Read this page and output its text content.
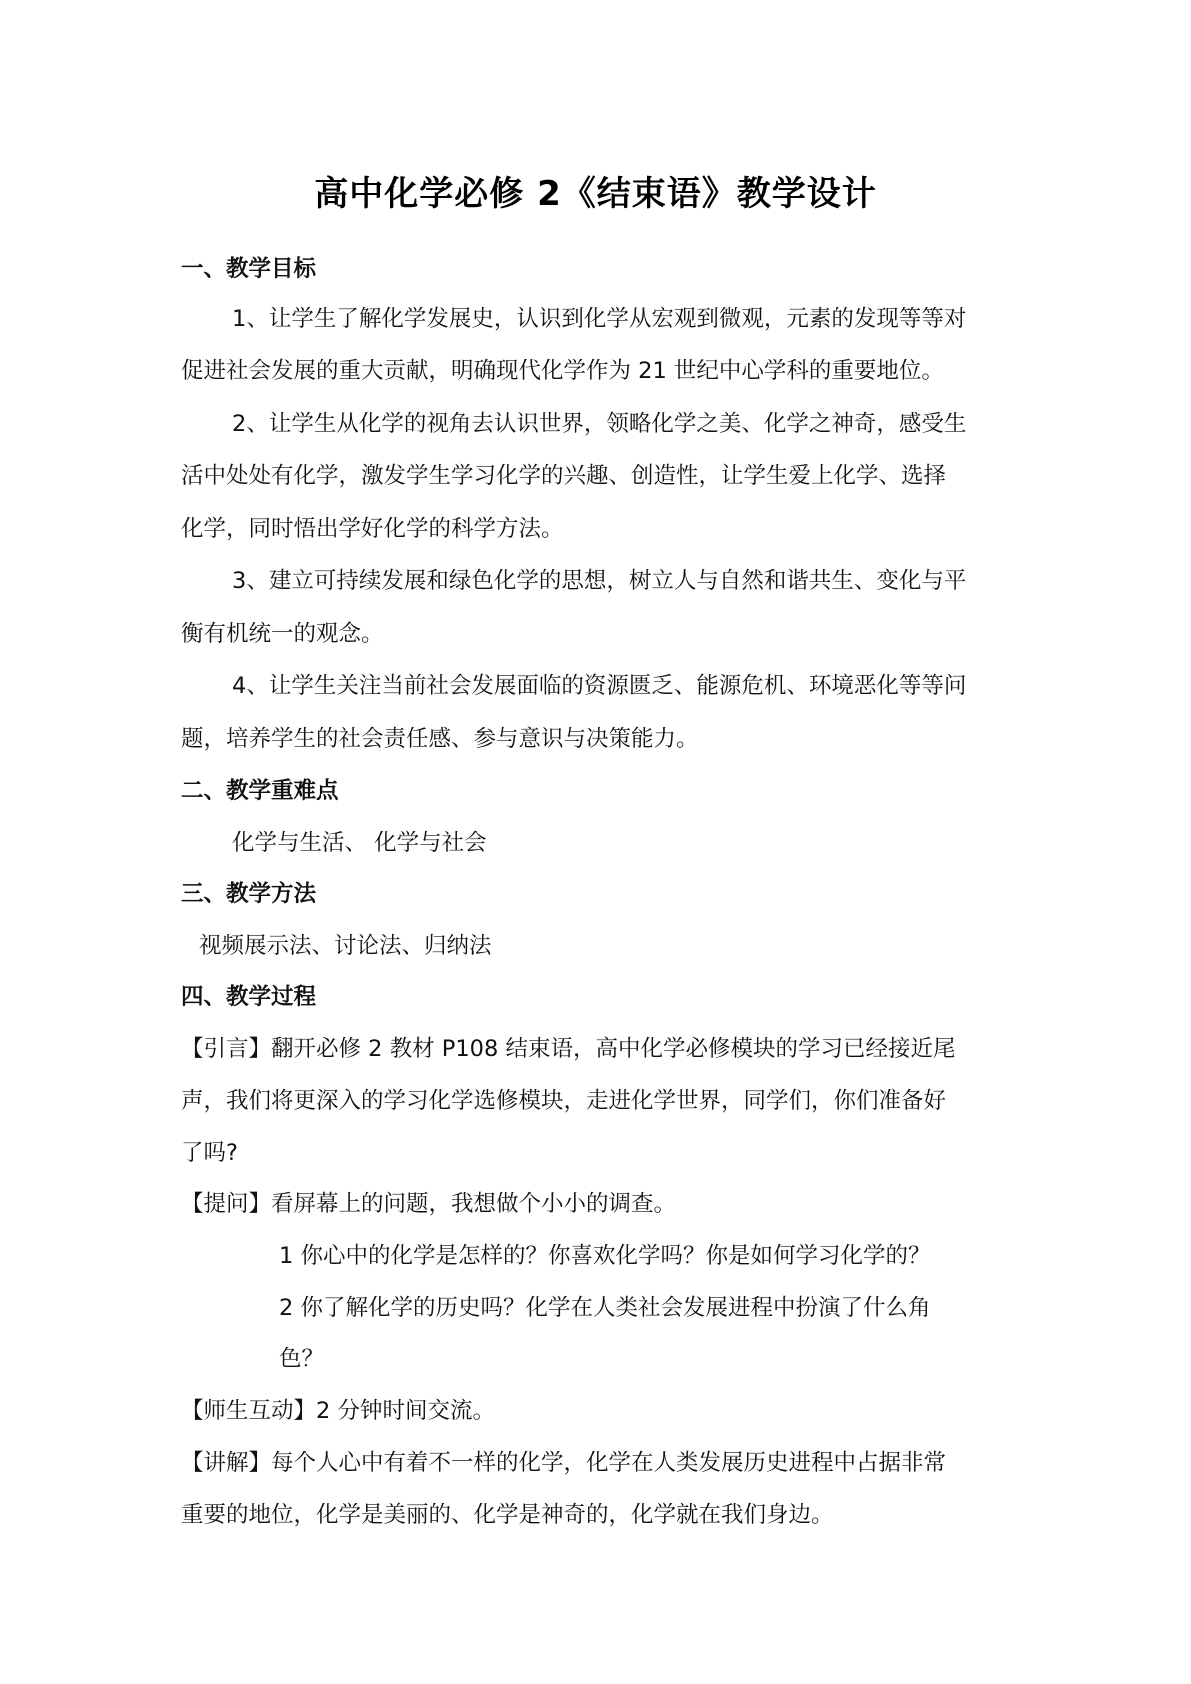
高中化学必修 2《结束语》教学设计
一、教学目标
1、让学生了解化学发展史，认识到化学从宏观到微观，元素的发现等等对
促进社会发展的重大贡献，明确现代化学作为 21 世纪中心学科的重要地位。
2、让学生从化学的视角去认识世界，领略化学之美、化学之神奇，感受生
活中处处有化学，激发学生学习化学的兴趣、创造性，让学生爱上化学、选择
化学，同时悟出学好化学的科学方法。
3、建立可持续发展和绿色化学的思想，树立人与自然和谐共生、变化与平
衡有机统一的观念。
4、让学生关注当前社会发展面临的资源匮乏、能源危机、环境恶化等等问
题，培养学生的社会责任感、参与意识与决策能力。
二、教学重难点
化学与生活、 化学与社会
三、教学方法
视频展示法、讨论法、归纳法
四、教学过程
【引言】翻开必修 2 教材 P108 结束语，高中化学必修模块的学习已经接近尾
声，我们将更深入的学习化学选修模块，走进化学世界，同学们，你们准备好
了吗?
【提问】看屏幕上的问题，我想做个小小的调查。
1 你心中的化学是怎样的？你喜欢化学吗？你是如何学习化学的？
2 你了解化学的历史吗？化学在人类社会发展进程中扮演了什么角
色？
【师生互动】2 分钟时间交流。
【讲解】每个人心中有着不一样的化学，化学在人类发展历史进程中占据非常
重要的地位，化学是美丽的、化学是神奇的，化学就在我们身边。
